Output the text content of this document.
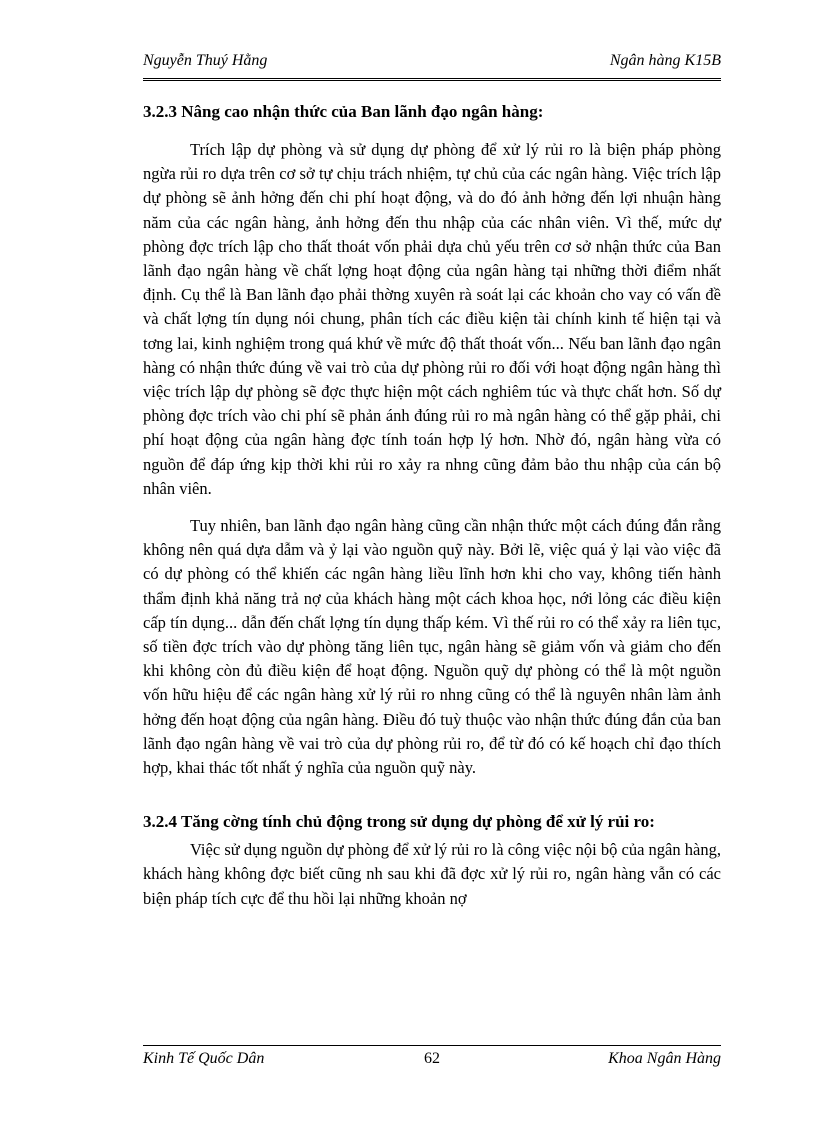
Nguyễn Thuý Hằng	Ngân hàng K15B
3.2.3 Nâng cao nhận thức của Ban lãnh đạo ngân hàng:

Trích lập dự phòng và sử dụng dự phòng để xử lý rủi ro là biện pháp phòng ngừa rủi ro dựa trên cơ sở tự chịu trách nhiệm, tự chủ của các ngân hàng. Việc trích lập dự phòng sẽ ảnh hởng đến chi phí hoạt động, và do đó ảnh hởng đến lợi nhuận hàng năm của các ngân hàng, ảnh hởng đến thu nhập của các nhân viên. Vì thế, mức dự phòng đợc trích lập cho thất thoát vốn phải dựa chủ yếu trên cơ sở nhận thức của Ban lãnh đạo ngân hàng về chất lợng hoạt động của ngân hàng tại những thời điểm nhất định. Cụ thể là Ban lãnh đạo phải thờng xuyên rà soát lại các khoản cho vay có vấn đề và chất lợng tín dụng nói chung, phân tích các điều kiện tài chính kinh tế hiện tại và tơng lai, kinh nghiệm trong quá khứ về mức độ thất thoát vốn... Nếu ban lãnh đạo ngân hàng có nhận thức đúng về vai trò của dự phòng rủi ro đối với hoạt động ngân hàng thì việc trích lập dự phòng sẽ đợc thực hiện một cách nghiêm túc và thực chất hơn. Số dự phòng đợc trích vào chi phí sẽ phản ánh đúng rủi ro mà ngân hàng có thể gặp phải, chi phí hoạt động của ngân hàng đợc tính toán hợp lý hơn. Nhờ đó, ngân hàng vừa có nguồn để đáp ứng kịp thời khi rủi ro xảy ra nhng cũng đảm bảo thu nhập của cán bộ nhân viên.

Tuy nhiên, ban lãnh đạo ngân hàng cũng cần nhận thức một cách đúng đắn rằng không nên quá dựa dẫm và ỷ lại vào nguồn quỹ này. Bởi lẽ, việc quá ỷ lại vào việc đã có dự phòng có thể khiến các ngân hàng liều lĩnh hơn khi cho vay, không tiến hành thẩm định khả năng trả nợ của khách hàng một cách khoa học, nới lỏng các điều kiện cấp tín dụng... dẫn đến chất lợng tín dụng thấp kém. Vì thế rủi ro có thể xảy ra liên tục, số tiền đợc trích vào dự phòng tăng liên tục, ngân hàng sẽ giảm vốn và giảm cho đến khi không còn đủ điều kiện để hoạt động. Nguồn quỹ dự phòng có thể là một nguồn vốn hữu hiệu để các ngân hàng xử lý rủi ro nhng cũng có thể là nguyên nhân làm ảnh hởng đến hoạt động của ngân hàng. Điều đó tuỳ thuộc vào nhận thức đúng đắn của ban lãnh đạo ngân hàng về vai trò của dự phòng rủi ro, để từ đó có kế hoạch chỉ đạo thích hợp, khai thác tốt nhất ý nghĩa của nguồn quỹ này.

3.2.4 Tăng cờng tính chủ động trong sử dụng dự phòng để xử lý rủi ro:

Việc sử dụng nguồn dự phòng để xử lý rủi ro là công việc nội bộ của ngân hàng, khách hàng không đợc biết cũng nh sau khi đã đợc xử lý rủi ro, ngân hàng vẫn có các biện pháp tích cực để thu hồi lại những khoản nợ

Kinh Tế Quốc Dân	62	Khoa Ngân Hàng
